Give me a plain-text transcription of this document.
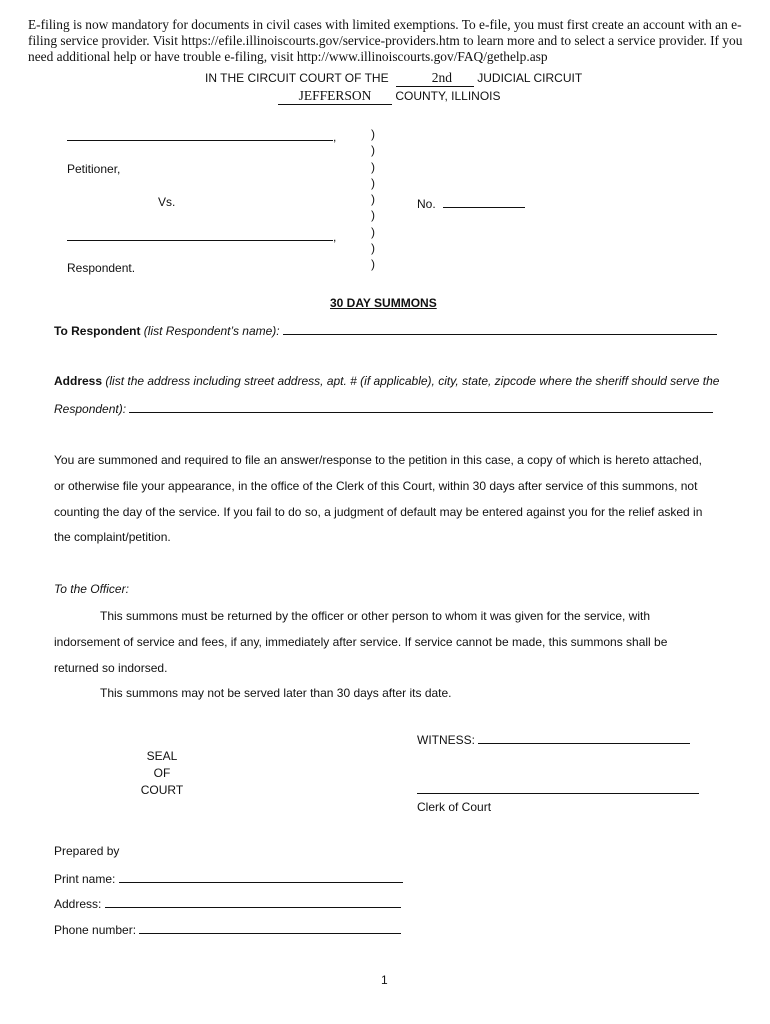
E-filing is now mandatory for documents in civil cases with limited exemptions. To e-file, you must first create an account with an e-filing service provider. Visit https://efile.illinoiscourts.gov/service-providers.htm to learn more and to select a service provider. If you need additional help or have trouble e-filing, visit http://www.illinoiscourts.gov/FAQ/gethelp.asp
IN THE CIRCUIT COURT OF THE	2nd JUDICIAL CIRCUIT
JEFFERSON COUNTY, ILLINOIS
,
Petitioner,
Vs.
,
Respondent.
)
)
)
)
)
)
)
)
)
No.
30 DAY SUMMONS
To Respondent (list Respondent’s name):
Address (list the address including street address, apt. # (if applicable), city, state, zipcode where the sheriff should serve the
Respondent):
You are summoned and required to file an answer/response to the petition in this case, a copy of which is hereto attached,
or otherwise file your appearance, in the office of the Clerk of this Court, within 30 days after service of this summons, not
counting the day of the service. If you fail to do so, a judgment of default may be entered against you for the relief asked in
the complaint/petition.
To the Officer:
This summons must be returned by the officer or other person to whom it was given for the service, with
indorsement of service and fees, if any, immediately after service. If service cannot be made, this summons shall be
returned so indorsed.
This summons may not be served later than 30 days after its date.
WITNESS:
SEAL
OF
COURT
Clerk of Court
Prepared by
Print name:
Address:
Phone number:
1
